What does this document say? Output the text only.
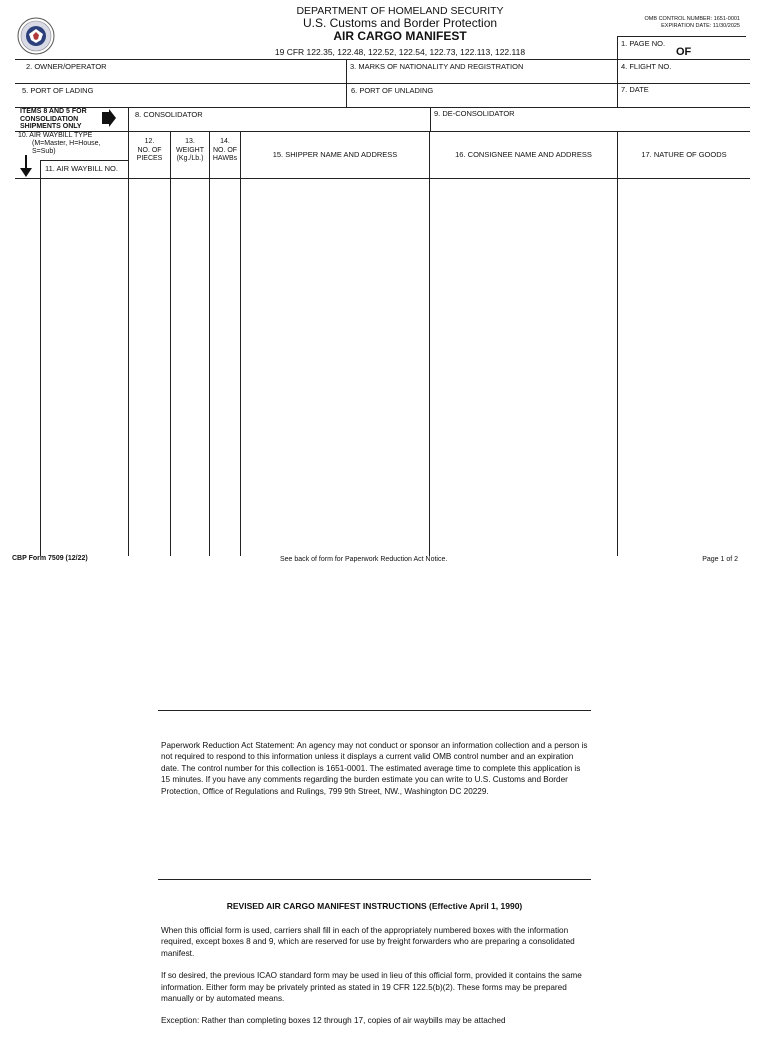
DEPARTMENT OF HOMELAND SECURITY
U.S. Customs and Border Protection
AIR CARGO MANIFEST
19 CFR 122.35, 122.48, 122.52, 122.54, 122.73, 122.113, 122.118
OMB CONTROL NUMBER: 1651-0001
EXPIRATION DATE: 11/30/2025
1. PAGE NO.
OF
2. OWNER/OPERATOR	3. MARKS OF NATIONALITY AND REGISTRATION	4. FLIGHT NO.
5. PORT OF LADING	6. PORT OF UNLADING	7. DATE
ITEMS 8 AND 5 FOR
CONSOLIDATION
SHIPMENTS ONLY
8. CONSOLIDATOR	9. DE-CONSOLIDATOR
10. AIR WAYBILL TYPE
(M=Master, H=House,
S=Sub)
11. AIR WAYBILL NO.
12.
NO. OF
PIECES
13.
WEIGHT
(Kg./Lb.)
14.
NO. OF
HAWBs	15. SHIPPER NAME AND ADDRESS	16. CONSIGNEE NAME AND ADDRESS	17. NATURE OF GOODS
CBP Form 7509 (12/22)	See back of form for Paperwork Reduction Act Notice.	Page 1 of 2

Paperwork Reduction Act Statement: An agency may not conduct or sponsor an information collection and a person is not required to respond to this information unless it displays a current valid OMB control number and an expiration date. The control number for this collection is 1651-0001. The estimated average time to complete this application is 15 minutes. If you have any comments regarding the burden estimate you can write to U.S. Customs and Border Protection, Office of Regulations and Rulings, 799 9th Street, NW., Washington DC 20229.

REVISED AIR CARGO MANIFEST INSTRUCTIONS (Effective April 1, 1990)

When this official form is used, carriers shall fill in each of the appropriately numbered boxes with the information required, except boxes 8 and 9, which are reserved for use by freight forwarders who are preparing a consolidated manifest.

If so desired, the previous ICAO standard form may be used in lieu of this official form, provided it contains the same information. Either form may be privately printed as stated in 19 CFR 122.5(b)(2). These forms may be prepared manually or by automated means.

Exception: Rather than completing boxes 12 through 17, copies of air waybills may be attached
